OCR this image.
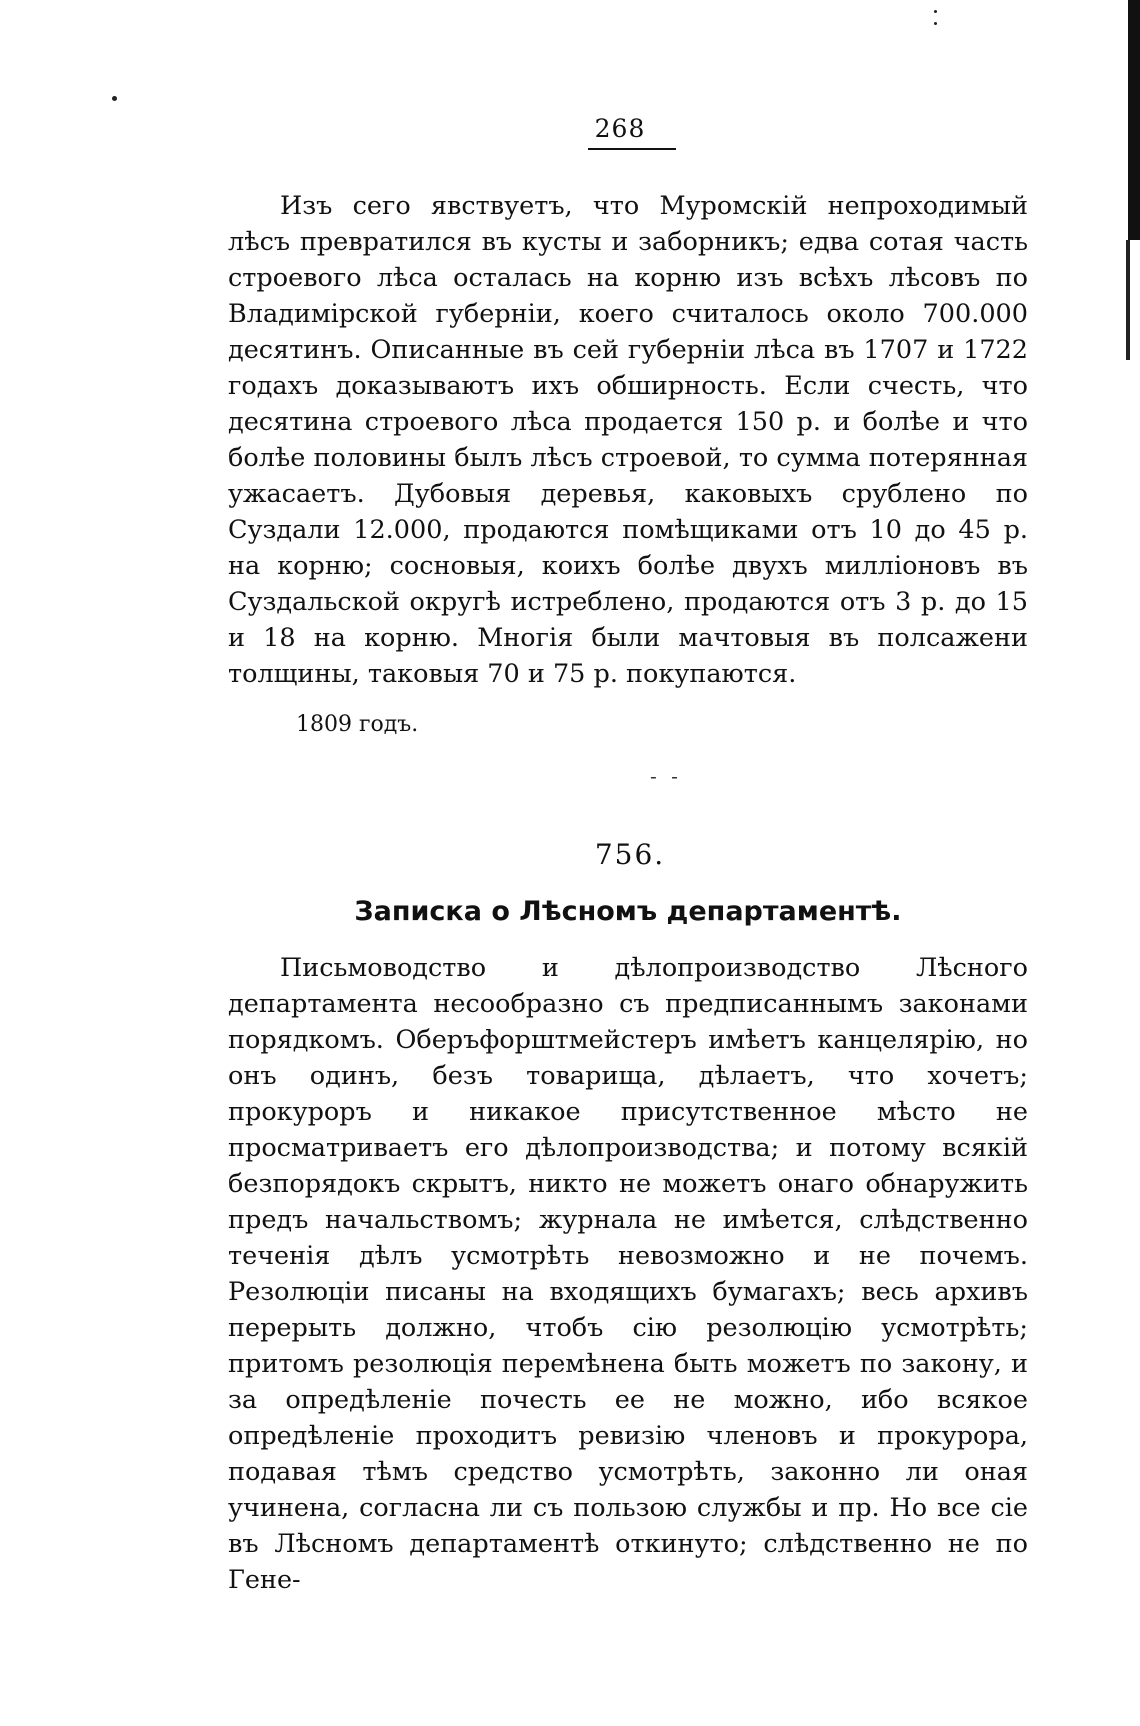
268

Изъ сего явствуетъ, что Муромскій непроходимый лѣсъ превратился въ кусты и заборникъ; едва сотая часть строевого лѣса осталась на корню изъ всѣхъ лѣсовъ по Владимірской губерніи, коего считалось около 700.000 десятинъ. Описанные въ сей губерніи лѣса въ 1707 и 1722 годахъ доказываютъ ихъ обширность. Если счесть, что десятина строевого лѣса продается 150 р. и болѣе и что болѣе половины былъ лѣсъ строевой, то сумма потерянная ужасаетъ. Дубовыя деревья, каковыхъ срублено по Суздали 12.000, продаются помѣщиками отъ 10 до 45 р. на корню; сосновыя, коихъ болѣе двухъ милліоновъ въ Суздальской округѣ истреблено, продаются отъ 3 р. до 15 и 18 на корню. Многія были мачтовыя въ полсажени толщины, таковыя 70 и 75 р. покупаются.

1809 годъ.
- -
756.
Записка о Лѣсномъ департаментѣ.

Письмоводство и дѣлопроизводство Лѣсного департамента несообразно съ предписаннымъ законами порядкомъ. Оберъфорштмейстеръ имѣетъ канцелярію, но онъ одинъ, безъ товарища, дѣлаетъ, что хочетъ; прокуроръ и никакое присутственное мѣсто не просматриваетъ его дѣлопроизводства; и потому всякій безпорядокъ скрытъ, никто не можетъ онаго обнаружить предъ начальствомъ; журнала не имѣется, слѣдственно теченія дѣлъ усмотрѣть невозможно и не почемъ. Резолюціи писаны на входящихъ бумагахъ; весь архивъ перерыть должно, чтобъ сію резолюцію усмотрѣть; притомъ резолюція перемѣнена быть можетъ по закону, и за опредѣленіе почесть ее не можно, ибо всякое опредѣленіе проходитъ ревизію членовъ и прокурора, подавая тѣмъ средство усмотрѣть, законно ли оная учинена, согласна ли съ пользою службы и пр. Но все сіе въ Лѣсномъ департаментѣ откинуто; слѣдственно не по Гене-
